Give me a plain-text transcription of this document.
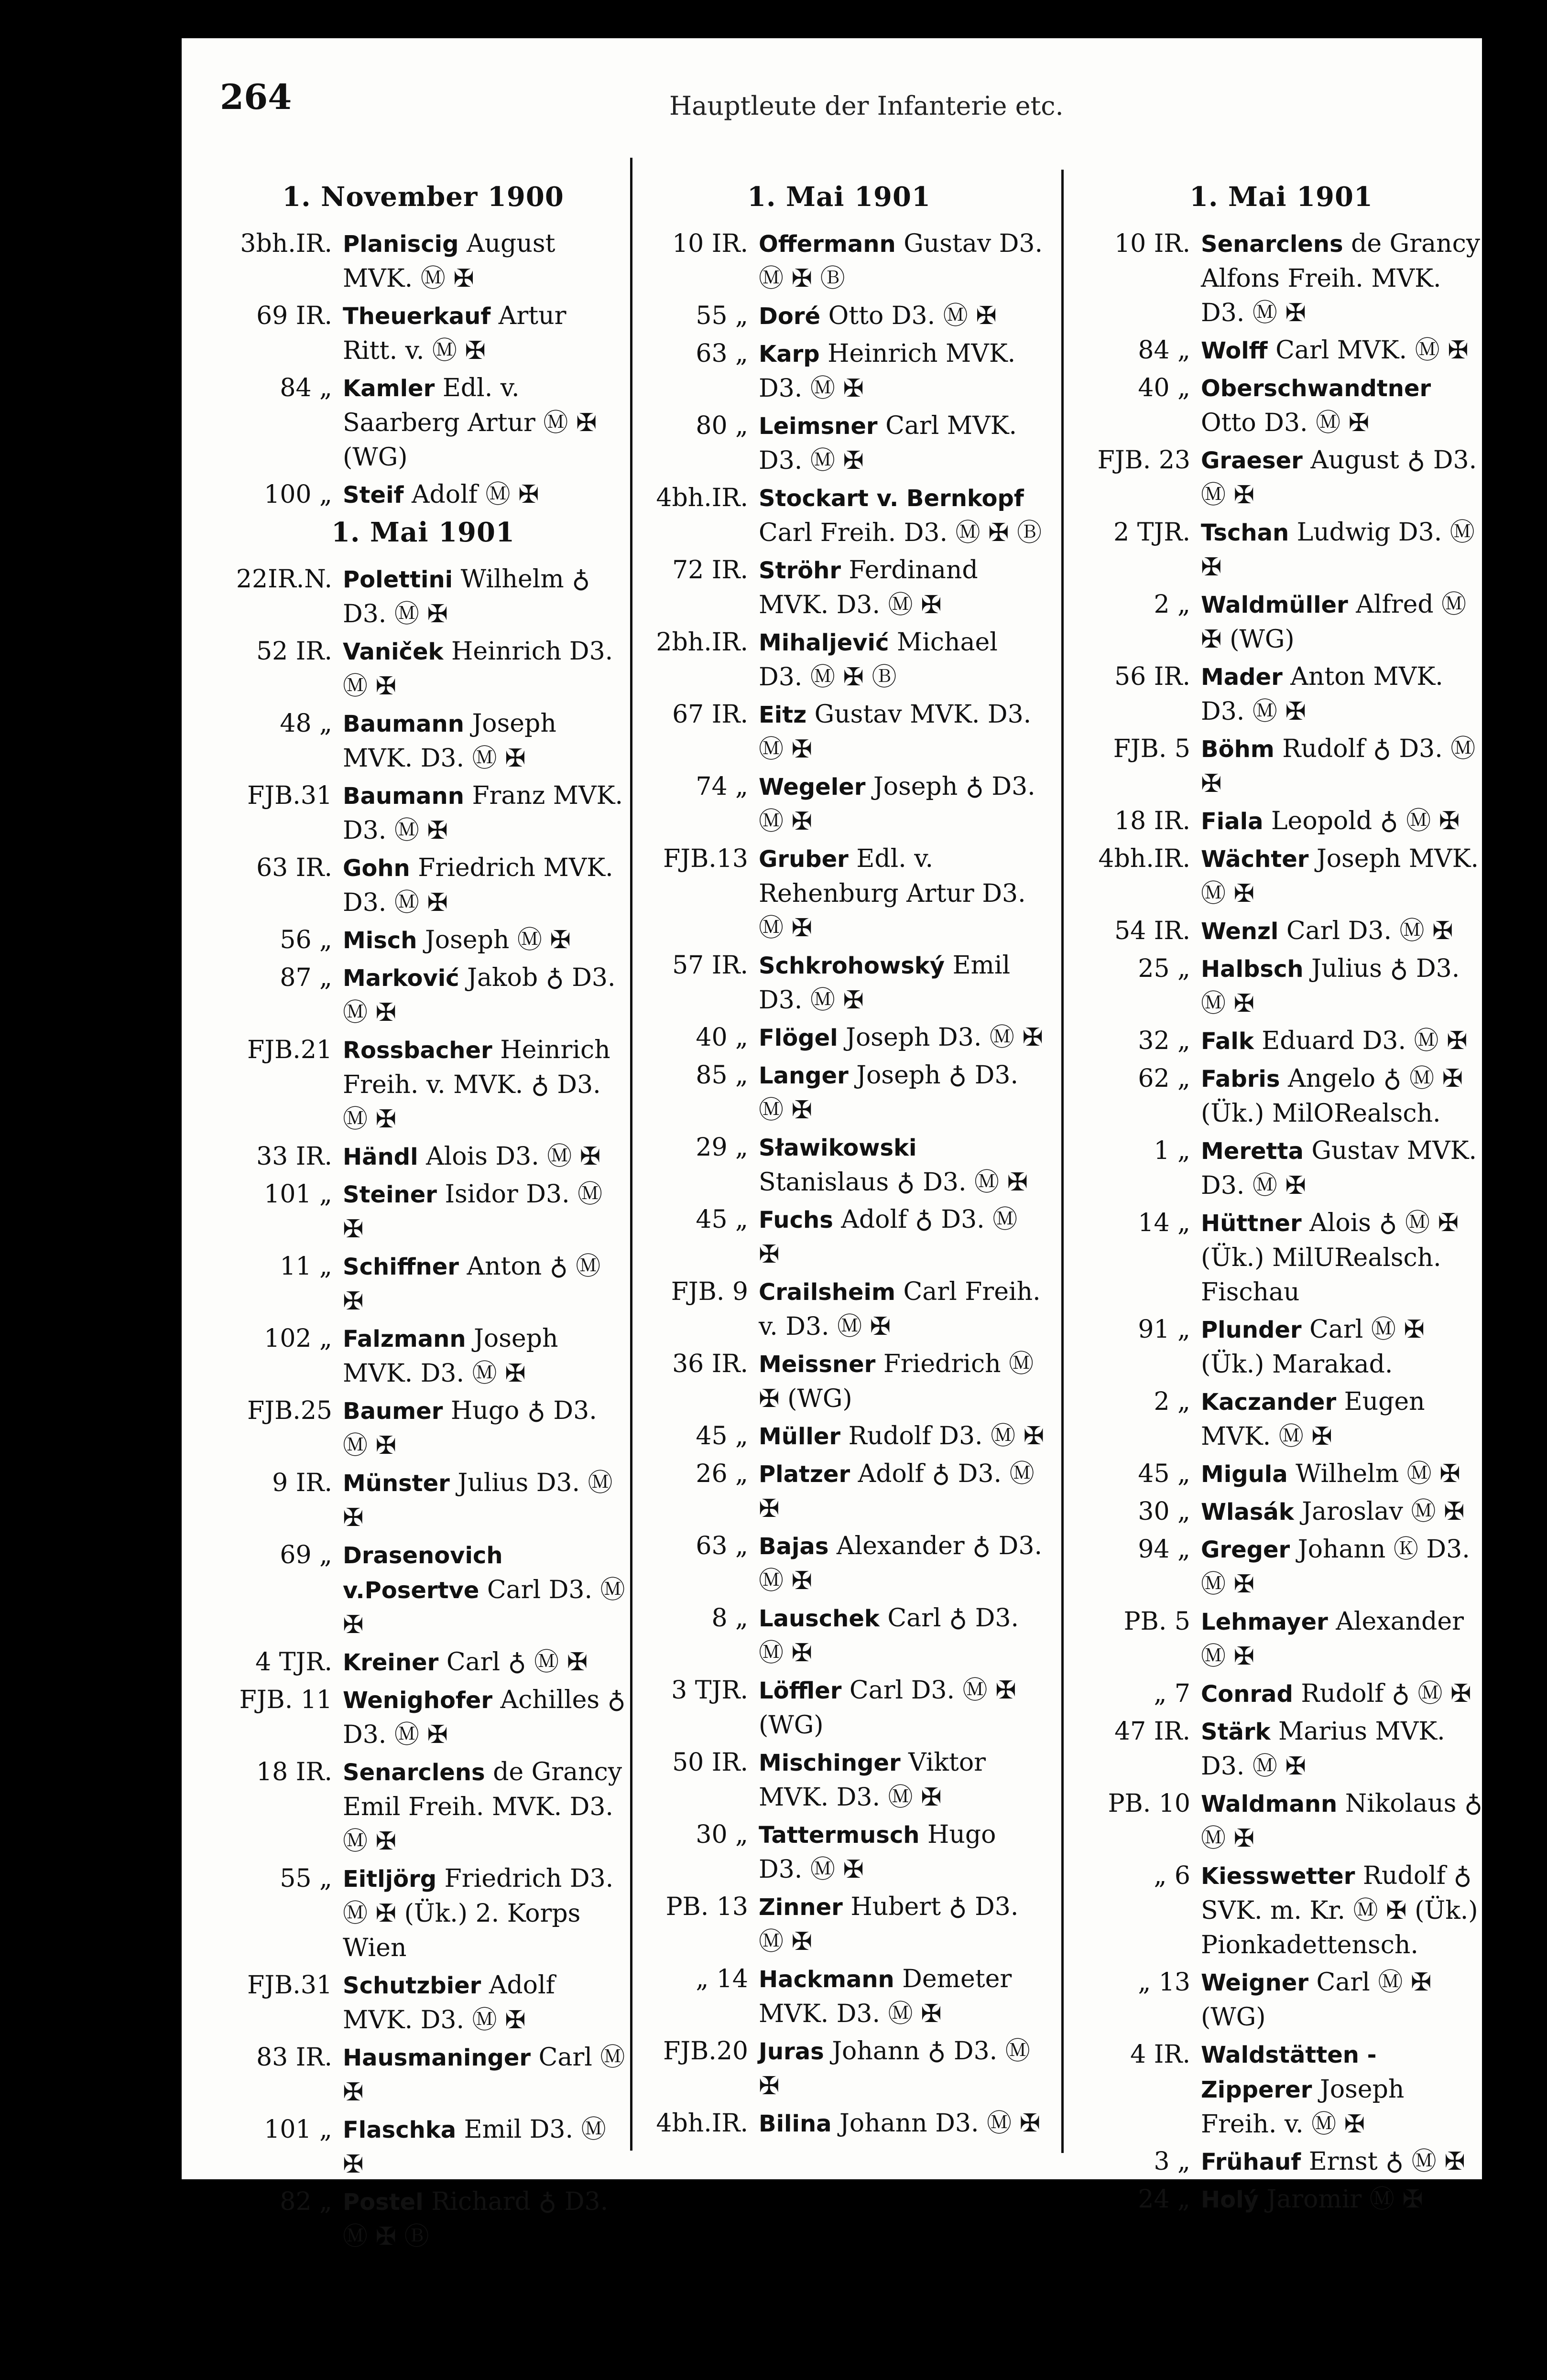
264	Hauptleute der Infanterie etc.
1. November 1900
3bh.IR. Planiscig August MVK. Ⓜ ✠
69 IR. Theuerkauf Artur Ritt. v. Ⓜ ✠
84 „ Kamler Edl. v. Saarberg Artur Ⓜ ✠ (WG)
100 „ Steif Adolf Ⓜ ✠
1. Mai 1901
22IR.N. Polettini Wilhelm ♁ D3. Ⓜ ✠
52 IR. Vaniček Heinrich D3. Ⓜ ✠
48 „ Baumann Joseph MVK. D3. Ⓜ ✠
FJB.31 Baumann Franz MVK. D3. Ⓜ ✠
63 IR. Gohn Friedrich MVK. D3. Ⓜ ✠
56 „ Misch Joseph Ⓜ ✠
87 „ Marković Jakob ♁ D3. Ⓜ ✠
FJB.21 Rossbacher Heinrich Freih. v. MVK. ♁ D3. Ⓜ ✠
33 IR. Händl Alois D3. Ⓜ ✠
101 „ Steiner Isidor D3. Ⓜ ✠
11 „ Schiffner Anton ♁ Ⓜ ✠
102 „ Falzmann Joseph MVK. D3. Ⓜ ✠
FJB.25 Baumer Hugo ♁ D3. Ⓜ ✠
9 IR. Münster Julius D3. Ⓜ ✠
69 „ Drasenovich v.Posertve Carl D3. Ⓜ ✠
4 TJR. Kreiner Carl ♁ Ⓜ ✠
FJB. 11 Wenighofer Achilles ♁ D3. Ⓜ ✠
18 IR. Senarclens de Grancy Emil Freih. MVK. D3. Ⓜ ✠
55 „ Eitljörg Friedrich D3. Ⓜ ✠ (Ük.) 2. Korps Wien
FJB.31 Schutzbier Adolf MVK. D3. Ⓜ ✠
83 IR. Hausmaninger Carl Ⓜ ✠
101 „ Flaschka Emil D3. Ⓜ ✠
82 „ Postel Richard ♁ D3. Ⓜ ✠ Ⓑ
1. Mai 1901
10 IR. Offermann Gustav D3. Ⓜ ✠ Ⓑ
55 „ Doré Otto D3. Ⓜ ✠
63 „ Karp Heinrich MVK. D3. Ⓜ ✠
80 „ Leimsner Carl MVK. D3. Ⓜ ✠
4bh.IR. Stockart v. Bernkopf Carl Freih. D3. Ⓜ ✠ Ⓑ
72 IR. Ströhr Ferdinand MVK. D3. Ⓜ ✠
2bh.IR. Mihaljević Michael D3. Ⓜ ✠ Ⓑ
67 IR. Eitz Gustav MVK. D3. Ⓜ ✠
74 „ Wegeler Joseph ♁ D3. Ⓜ ✠
FJB.13 Gruber Edl. v. Rehenburg Artur D3. Ⓜ ✠
57 IR. Schkrohowský Emil D3. Ⓜ ✠
40 „ Flögel Joseph D3. Ⓜ ✠
85 „ Langer Joseph ♁ D3. Ⓜ ✠
29 „ Sławikowski Stanislaus ♁ D3. Ⓜ ✠
45 „ Fuchs Adolf ♁ D3. Ⓜ ✠
FJB. 9 Crailsheim Carl Freih. v. D3. Ⓜ ✠
36 IR. Meissner Friedrich Ⓜ ✠ (WG)
45 „ Müller Rudolf D3. Ⓜ ✠
26 „ Platzer Adolf ♁ D3. Ⓜ ✠
63 „ Bajas Alexander ♁ D3. Ⓜ ✠
8 „ Lauschek Carl ♁ D3. Ⓜ ✠
3 TJR. Löffler Carl D3. Ⓜ ✠ (WG)
50 IR. Mischinger Viktor MVK. D3. Ⓜ ✠
30 „ Tattermusch Hugo D3. Ⓜ ✠
PB. 13 Zinner Hubert ♁ D3. Ⓜ ✠
„ 14 Hackmann Demeter MVK. D3. Ⓜ ✠
FJB.20 Juras Johann ♁ D3. Ⓜ ✠
4bh.IR. Bilina Johann D3. Ⓜ ✠
1. Mai 1901
10 IR. Senarclens de Grancy Alfons Freih. MVK. D3. Ⓜ ✠
84 „ Wolff Carl MVK. Ⓜ ✠
40 „ Oberschwandtner Otto D3. Ⓜ ✠
FJB. 23 Graeser August ♁ D3. Ⓜ ✠
2 TJR. Tschan Ludwig D3. Ⓜ ✠
2 „ Waldmüller Alfred Ⓜ ✠ (WG)
56 IR. Mader Anton MVK. D3. Ⓜ ✠
FJB. 5 Böhm Rudolf ♁ D3. Ⓜ ✠
18 IR. Fiala Leopold ♁ Ⓜ ✠
4bh.IR. Wächter Joseph MVK. Ⓜ ✠
54 IR. Wenzl Carl D3. Ⓜ ✠
25 „ Halbsch Julius ♁ D3. Ⓜ ✠
32 „ Falk Eduard D3. Ⓜ ✠
62 „ Fabris Angelo ♁ Ⓜ ✠ (Ük.) MilORealsch.
1 „ Meretta Gustav MVK. D3. Ⓜ ✠
14 „ Hüttner Alois ♁ Ⓜ ✠ (Ük.) MilURealsch. Fischau
91 „ Plunder Carl Ⓜ ✠ (Ük.) Marakad.
2 „ Kaczander Eugen MVK. Ⓜ ✠
45 „ Migula Wilhelm Ⓜ ✠
30 „ Wlasák Jaroslav Ⓜ ✠
94 „ Greger Johann Ⓚ D3. Ⓜ ✠
PB. 5 Lehmayer Alexander Ⓜ ✠
„ 7 Conrad Rudolf ♁ Ⓜ ✠
47 IR. Stärk Marius MVK. D3. Ⓜ ✠
PB. 10 Waldmann Nikolaus ♁ Ⓜ ✠
„ 6 Kiesswetter Rudolf ♁ SVK. m. Kr. Ⓜ ✠ (Ük.) Pionkadettensch.
„ 13 Weigner Carl Ⓜ ✠ (WG)
4 IR. Waldstätten - Zipperer Joseph Freih. v. Ⓜ ✠
3 „ Frühauf Ernst ♁ Ⓜ ✠
24 „ Holý Jaromir Ⓜ ✠
